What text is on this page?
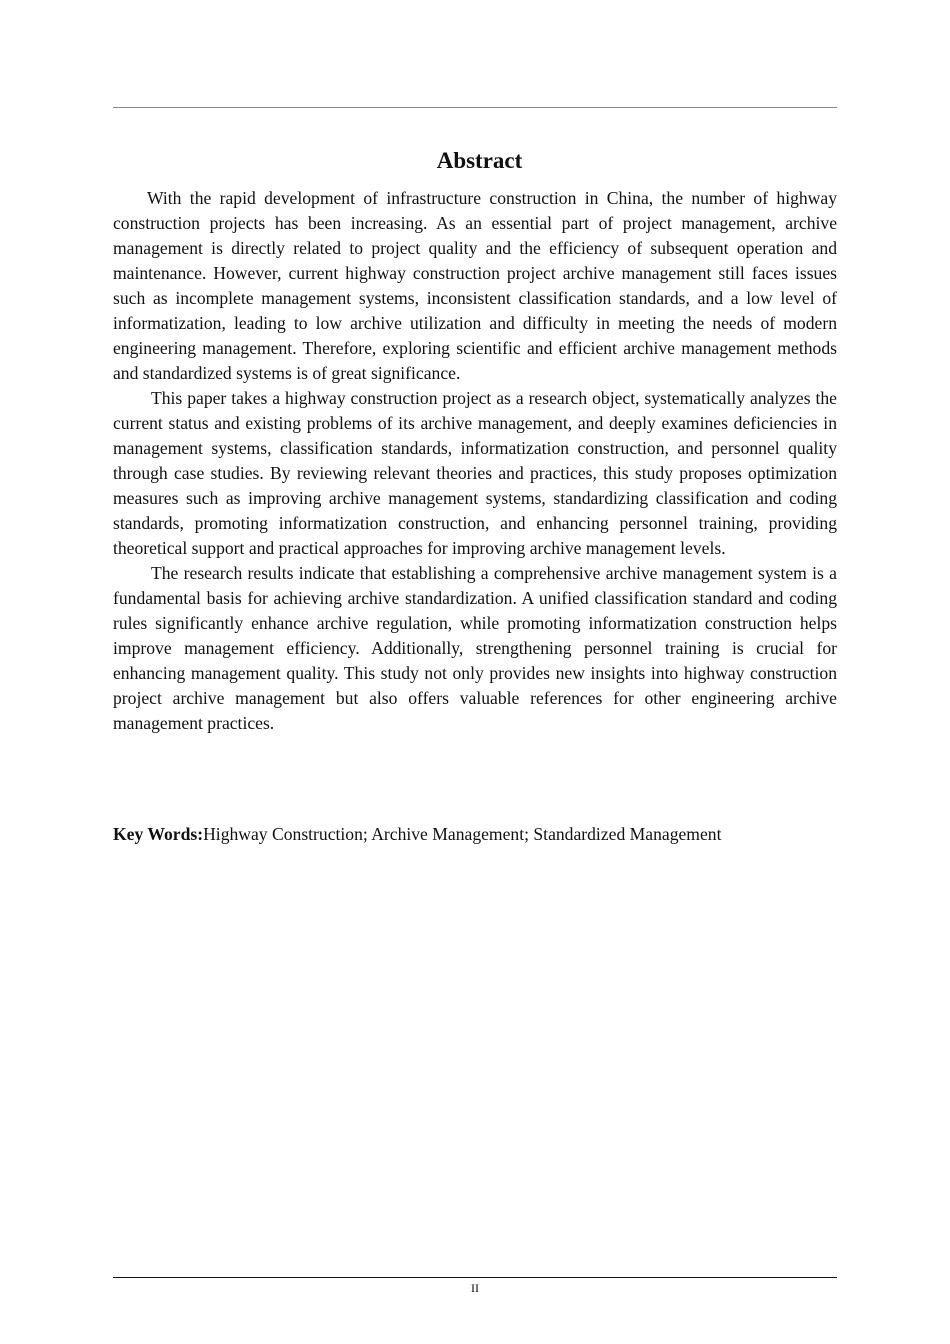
Abstract

With the rapid development of infrastructure construction in China, the number of highway construction projects has been increasing. As an essential part of project management, archive management is directly related to project quality and the efficiency of subsequent operation and maintenance. However, current highway construction project archive management still faces issues such as incomplete management systems, inconsistent classification standards, and a low level of informatization, leading to low archive utilization and difficulty in meeting the needs of modern engineering management. Therefore, exploring scientific and efficient archive management methods and standardized systems is of great significance.

This paper takes a highway construction project as a research object, systematically analyzes the current status and existing problems of its archive management, and deeply examines deficiencies in management systems, classification standards, informatization construction, and personnel quality through case studies. By reviewing relevant theories and practices, this study proposes optimization measures such as improving archive management systems, standardizing classification and coding standards, promoting informatization construction, and enhancing personnel training, providing theoretical support and practical approaches for improving archive management levels.

The research results indicate that establishing a comprehensive archive management system is a fundamental basis for achieving archive standardization. A unified classification standard and coding rules significantly enhance archive regulation, while promoting informatization construction helps improve management efficiency. Additionally, strengthening personnel training is crucial for enhancing management quality. This study not only provides new insights into highway construction project archive management but also offers valuable references for other engineering archive management practices.

Key Words:Highway Construction; Archive Management; Standardized Management

II
